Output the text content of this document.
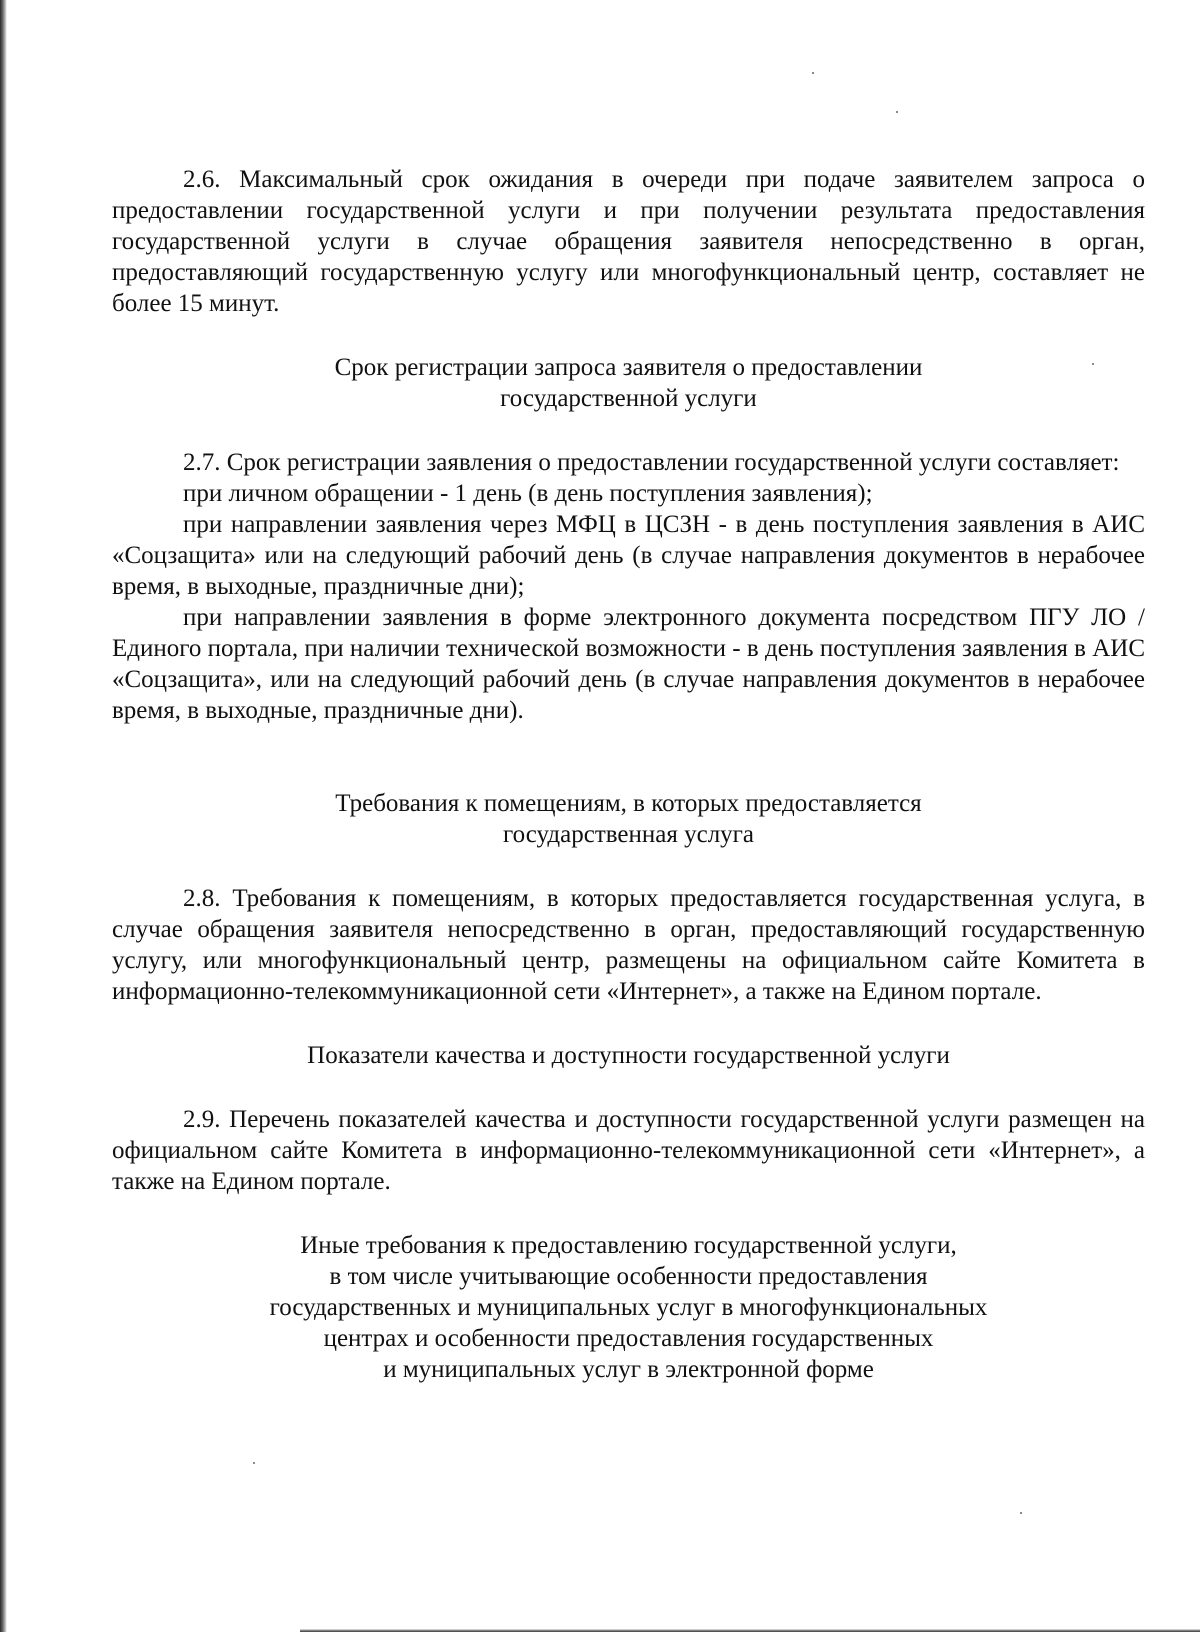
2.6. Максимальный срок ожидания в очереди при подаче заявителем запроса о предоставлении государственной услуги и при получении результата предоставления государственной услуги в случае обращения заявителя непосредственно в орган, предоставляющий государственную услугу или многофункциональный центр, составляет не более 15 минут.

Срок регистрации запроса заявителя о предоставлении
государственной услуги

2.7. Срок регистрации заявления о предоставлении государственной услуги составляет:

при личном обращении - 1 день (в день поступления заявления);

при направлении заявления через МФЦ в ЦСЗН - в день поступления заявления в АИС «Соцзащита» или на следующий рабочий день (в случае направления документов в нерабочее время, в выходные, праздничные дни);

при направлении заявления в форме электронного документа посредством ПГУ ЛО / Единого портала, при наличии технической возможности - в день поступления заявления в АИС «Соцзащита», или на следующий рабочий день (в случае направления документов в нерабочее время, в выходные, праздничные дни).

Требования к помещениям, в которых предоставляется
государственная услуга

2.8. Требования к помещениям, в которых предоставляется государственная услуга, в случае обращения заявителя непосредственно в орган, предоставляющий государственную услугу, или многофункциональный центр, размещены на официальном сайте Комитета в информационно-телекоммуникационной сети «Интернет», а также на Едином портале.

Показатели качества и доступности государственной услуги

2.9. Перечень показателей качества и доступности государственной услуги размещен на официальном сайте Комитета в информационно-телекоммуникационной сети «Интернет», а также на Едином портале.

Иные требования к предоставлению государственной услуги,
в том числе учитывающие особенности предоставления
государственных и муниципальных услуг в многофункциональных
центрах и особенности предоставления государственных
и муниципальных услуг в электронной форме
